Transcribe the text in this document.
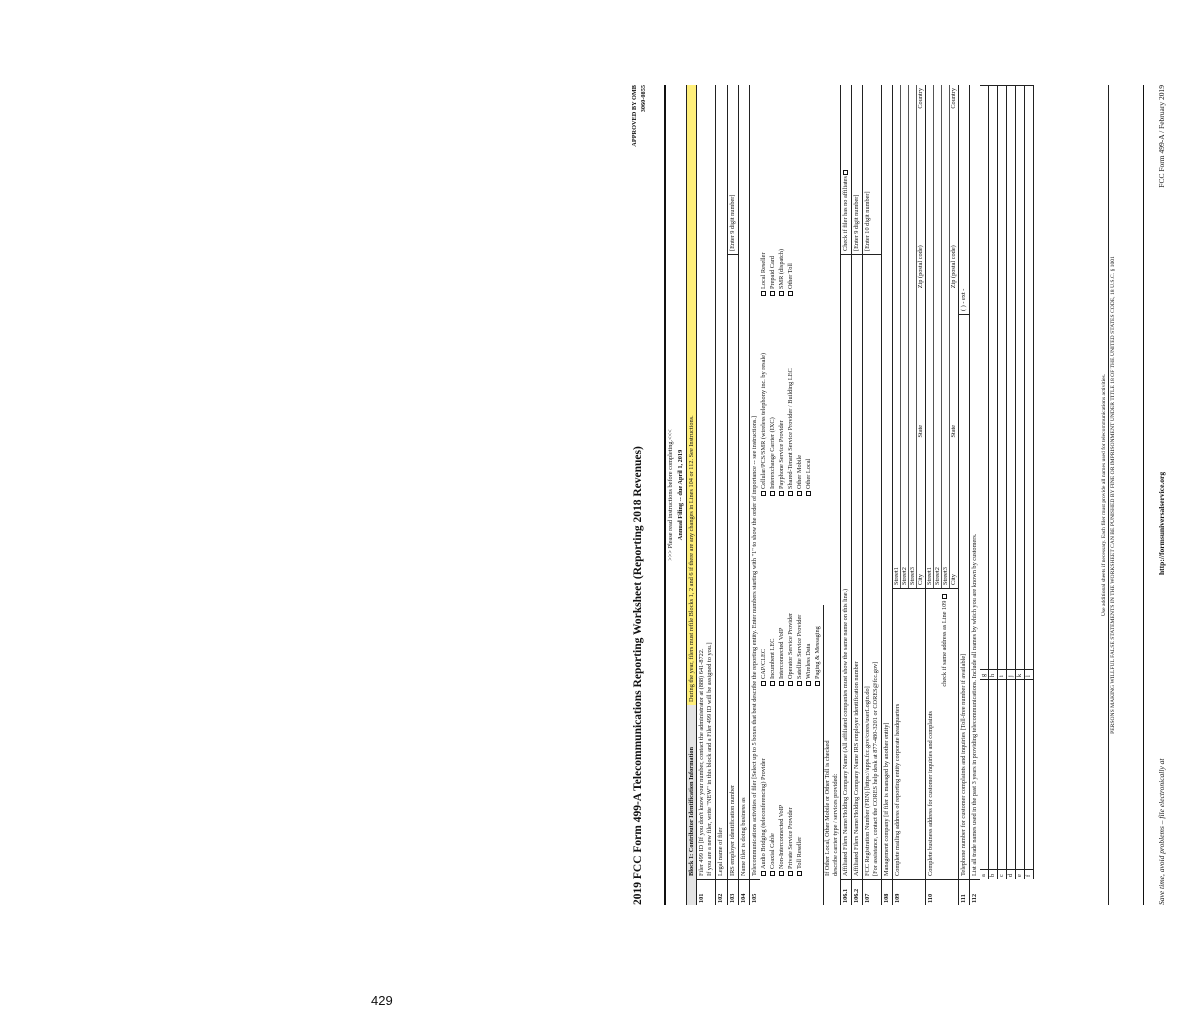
2019 FCC Form 499-A Telecommunications Reporting Worksheet (Reporting 2018 Revenues)
APPROVED BY OMB 3060-0855
>>> Please read instructions before completing.<<< Annual Filing -- due April 1, 2019
Block 1: Contributor Identification Information
During the year, filers must refile Blocks 1, 2 and 6 if there are any changes in Lines 104 or 112. See Instructions.
101
Filer 499 ID [If you don't know your number, contact the administrator at (888) 641-8722. If you are a new filer, write "NEW" in this block and a Filer 499 ID will be assigned to you.]
102
Legal name of filer
103
IRS employer identification number
[Enter 9 digit number]
104
Name filer is doing business as
105
Telecommunications activities of filer [Select up to 5 boxes that best describe the reporting entity. Enter numbers starting with "1" to show the order of importance -- see instructions.] Audio Bridging (teleconferencing) Provider
CAP/CLEC
Cellular/PCS/SMR (wireless telephony inc. by resale)
Local Reseller
Coaxial Cable
Incumbent LEC
Interexchange Carrier (IXC)
Prepaid Card
Non-Interconnected VoIP
Interconnected VoIP
Payphone Service Provider
SMR (dispatch)
Private Service Provider
Operator Service Provider
Shared-Tenant Service Provider / Building LEC
Other Toll
Toll Reseller
Satellite Service Provider
Other Mobile
Wireless Data
Other Local
Paging & Messaging
If Other Local, Other Mobile or Other Toll is checked describe carrier type / services provided:
106.1
Affiliated Filers Name/Holding Company Name (All affiliated companies must show the same name on this line.)
Check if filer has no affiliates
106.2
Affiliated Filers Name/Holding Company Name IRS employer identification number
[Enter 9 digit number]
107
FCC Registration Number (FRN) [https://apps.fcc.gov/cores/userLogin.do] [For assistance, contact the CORES help desk at 877-480-3201 or CORES@fcc.gov]
[Enter 10 digit number]
108
Management company [if filer is managed by another entity]
109
Complete mailing address of reporting entity corporate headquarters
Street1 Street2 Street3 City
State
Zip (postal code)
Country
110
Complete business address for customer inquiries and complaints
check if same address as Line 109
Street1 Street2 Street3 City
State
Zip (postal code)
Country
111
Telephone number for customer complaints and inquiries [Toll-free number if available]
( ) - ext -
112
List all trade names used in the past 3 years in providing telecommunications. Include all names by which you are known by customers. a
g
b
h
c
i
d
j
e
k
f
l
Use additional sheets if necessary. Each filer must provide all names used for telecommunications activities. PERSONS MAKING WILLFUL FALSE STATEMENTS IN THE WORKSHEET CAN BE PUNISHED BY FINE OR IMPRISONMENT UNDER TITLE 18 OF THE UNITED STATES CODE, 18 U.S.C. § 1001
Save time, avoid problems – file electronically at
http://formsuniversalservice.org
FCC Form 499-A / February 2019
429
